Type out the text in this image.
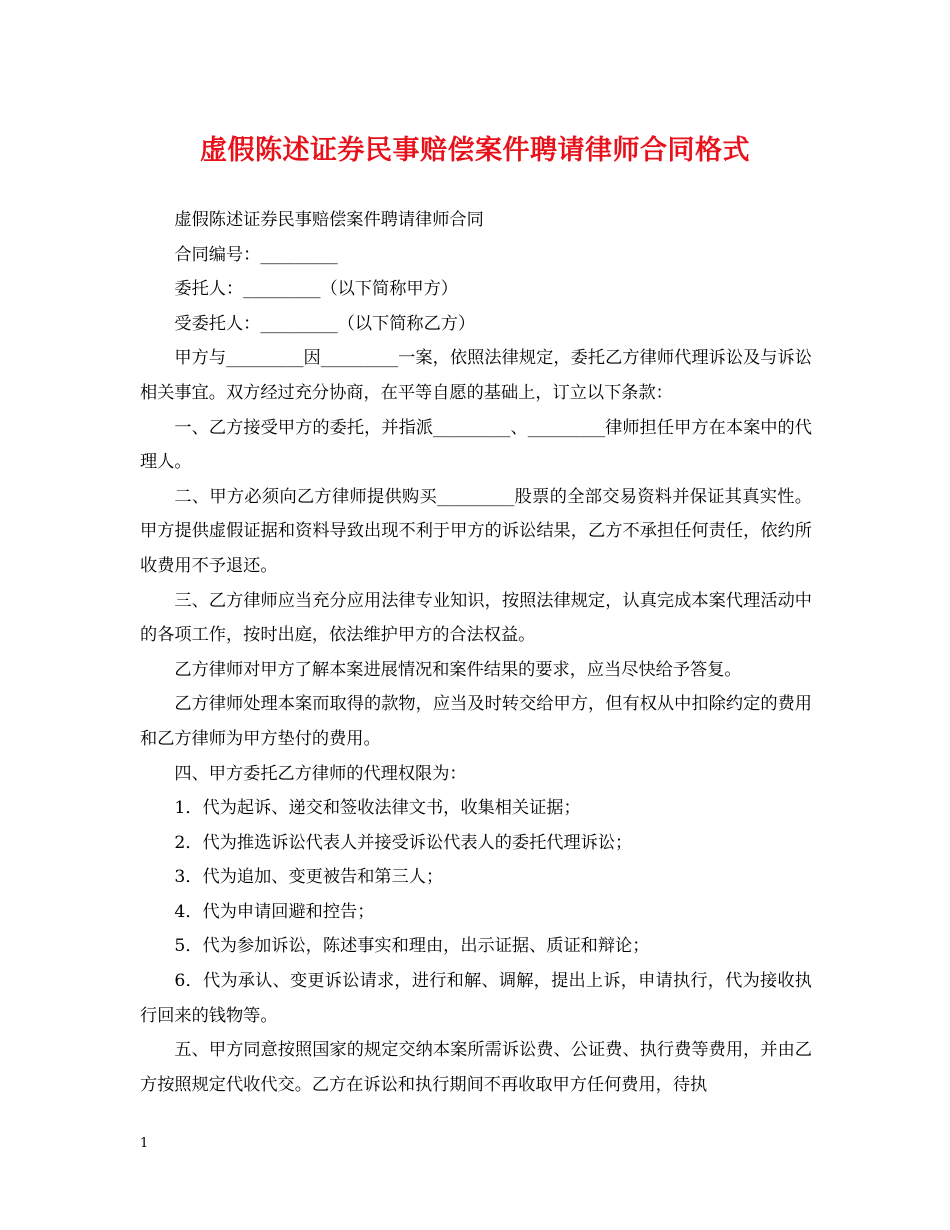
虚假陈述证券民事赔偿案件聘请律师合同格式

虚假陈述证券民事赔偿案件聘请律师合同

合同编号：_________

委托人：_________（以下简称甲方）

受委托人：_________（以下简称乙方）

甲方与_________因_________一案，依照法律规定，委托乙方律师代理诉讼及与诉讼相关事宜。双方经过充分协商，在平等自愿的基础上，订立以下条款：

一、乙方接受甲方的委托，并指派_________、_________律师担任甲方在本案中的代理人。

二、甲方必须向乙方律师提供购买_________股票的全部交易资料并保证其真实性。甲方提供虚假证据和资料导致出现不利于甲方的诉讼结果，乙方不承担任何责任，依约所收费用不予退还。

三、乙方律师应当充分应用法律专业知识，按照法律规定，认真完成本案代理活动中的各项工作，按时出庭，依法维护甲方的合法权益。

乙方律师对甲方了解本案进展情况和案件结果的要求，应当尽快给予答复。

乙方律师处理本案而取得的款物，应当及时转交给甲方，但有权从中扣除约定的费用和乙方律师为甲方垫付的费用。

四、甲方委托乙方律师的代理权限为：

1．代为起诉、递交和签收法律文书，收集相关证据；

2．代为推选诉讼代表人并接受诉讼代表人的委托代理诉讼；

3．代为追加、变更被告和第三人；

4．代为申请回避和控告；

5．代为参加诉讼，陈述事实和理由，出示证据、质证和辩论；

6．代为承认、变更诉讼请求，进行和解、调解，提出上诉，申请执行，代为接收执行回来的钱物等。

五、甲方同意按照国家的规定交纳本案所需诉讼费、公证费、执行费等费用，并由乙方按照规定代收代交。乙方在诉讼和执行期间不再收取甲方任何费用，待执

1
